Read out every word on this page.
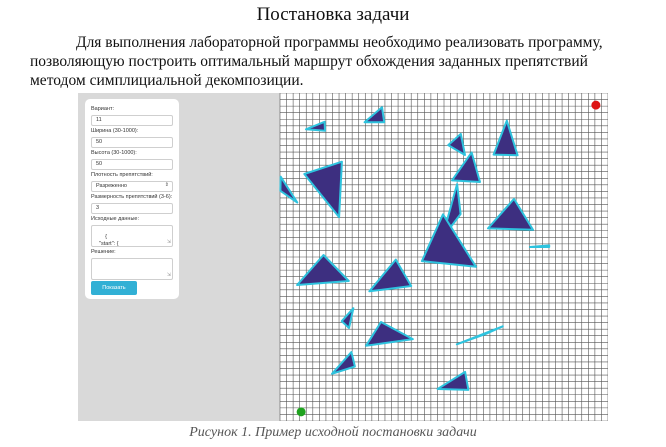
Постановка задачи
Для выполнения лабораторной программы необходимо реализовать программу, позволяющую построить оптимальный маршрут обхождения заданных препятствий методом симплициальной декомпозиции.
Вариант:
11
Ширина (30-1000):
50
Высота (30-1000):
50
Плотность препятствий:
Разреженно	⇕
Размерность препятствий (3-6):
3
Исходные данные:

{
"start": {
	⇲

Решение:

⇲

Показать
Рисунок 1. Пример исходной постановки задачи
